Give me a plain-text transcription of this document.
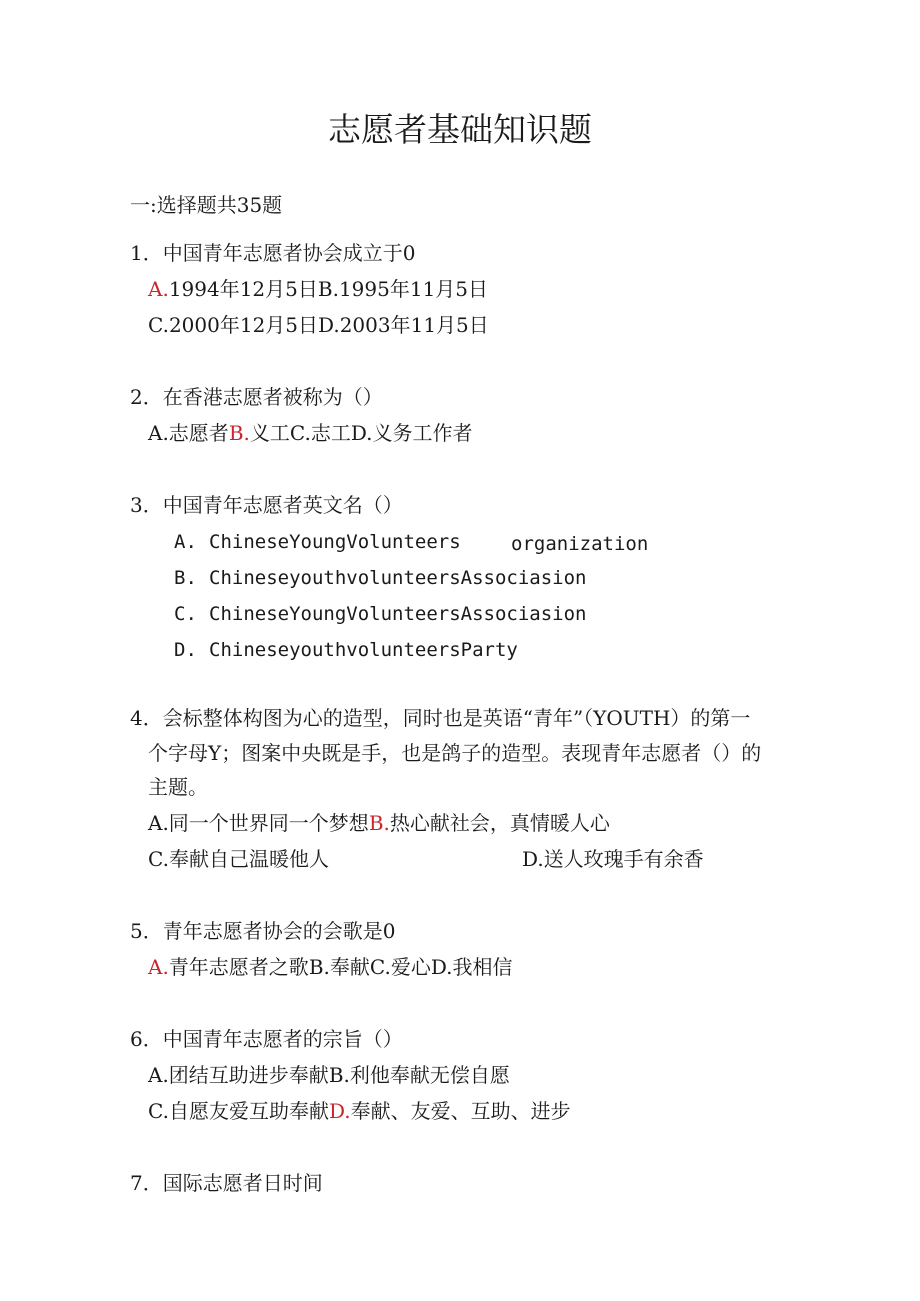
志愿者基础知识题
一:选择题共35题
1．中国青年志愿者协会成立于0
A.1994年12月5日B.1995年11月5日
C.2000年12月5日D.2003年11月5日
2．在香港志愿者被称为（）
A.志愿者B.义工C.志工D.义务工作者
3．中国青年志愿者英文名（）
A. ChineseYoungVolunteers	organization
B. ChineseyouthvolunteersAssociasion
C. ChineseYoungVolunteersAssociasion
D. ChineseyouthvolunteersParty
4．会标整体构图为心的造型，同时也是英语“青年”（YOUTH）的第一
个字母Y；图案中央既是手，也是鸽子的造型。表现青年志愿者（）的
主题。
A.同一个世界同一个梦想B.热心献社会，真情暖人心
C.奉献自己温暖他人	D.送人玫瑰手有余香
5．青年志愿者协会的会歌是0
A.青年志愿者之歌B.奉献C.爱心D.我相信
6．中国青年志愿者的宗旨（）
A.团结互助进步奉献B.利他奉献无偿自愿
C.自愿友爱互助奉献D.奉献、友爱、互助、进步
7．国际志愿者日时间
